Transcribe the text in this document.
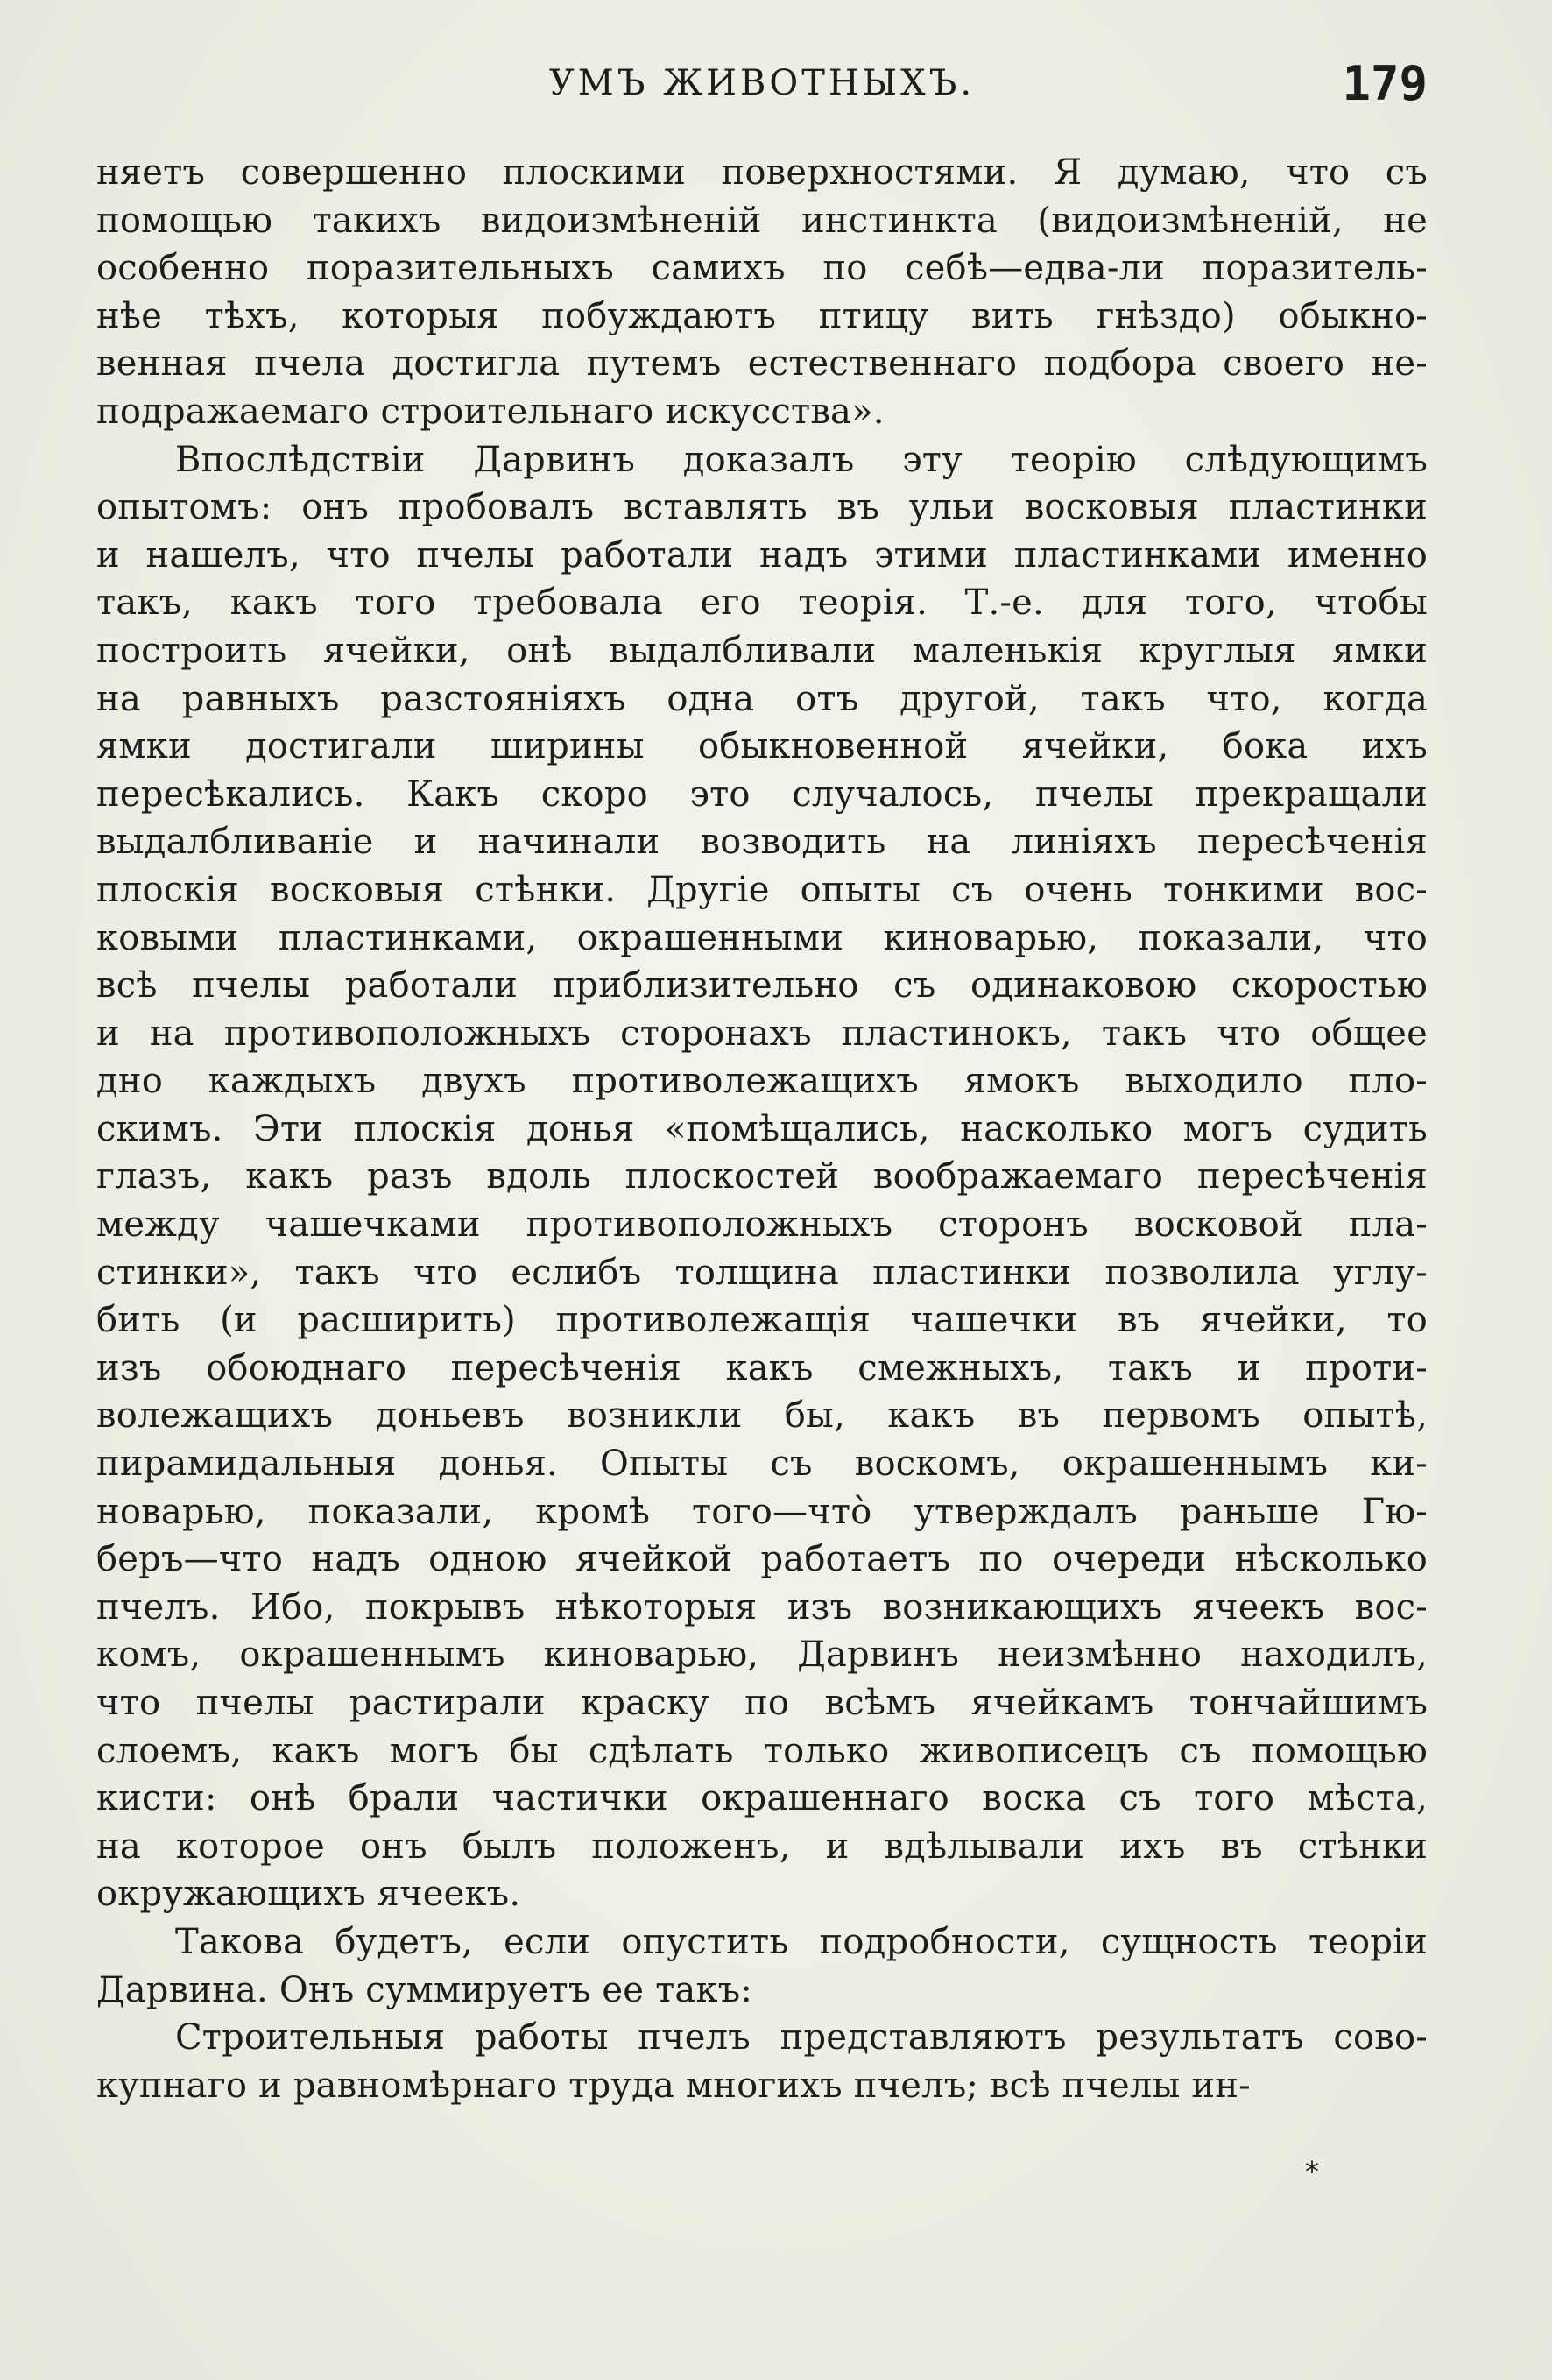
УМЪ ЖИВОТНЫХЪ.	179
няетъ совершенно плоскими поверхностями. Я думаю, что съ
помощью такихъ видоизмѣненій инстинкта (видоизмѣненій, не
особенно поразительныхъ самихъ по себѣ—едва-ли поразитель-
нѣе тѣхъ, которыя побуждаютъ птицу вить гнѣздо) обыкно-
венная пчела достигла путемъ естественнаго подбора своего не-
подражаемаго строительнаго искусства».
Впослѣдствіи Дарвинъ доказалъ эту теорію слѣдующимъ
опытомъ: онъ пробовалъ вставлять въ ульи восковыя пластинки
и нашелъ, что пчелы работали надъ этими пластинками именно
такъ, какъ того требовала его теорія. Т.-е. для того, чтобы
построить ячейки, онѣ выдалбливали маленькія круглыя ямки
на равныхъ разстояніяхъ одна отъ другой, такъ что, когда
ямки достигали ширины обыкновенной ячейки, бока ихъ
пересѣкались. Какъ скоро это случалось, пчелы прекращали
выдалбливаніе и начинали возводить на линіяхъ пересѣченія
плоскія восковыя стѣнки. Другіе опыты съ очень тонкими вос-
ковыми пластинками, окрашенными киноварью, показали, что
всѣ пчелы работали приблизительно съ одинаковою скоростью
и на противоположныхъ сторонахъ пластинокъ, такъ что общее
дно каждыхъ двухъ противолежащихъ ямокъ выходило пло-
скимъ. Эти плоскія донья «помѣщались, насколько могъ судить
глазъ, какъ разъ вдоль плоскостей воображаемаго пересѣченія
между чашечками противоположныхъ сторонъ восковой пла-
стинки», такъ что еслибъ толщина пластинки позволила углу-
бить (и расширить) противолежащія чашечки въ ячейки, то
изъ обоюднаго пересѣченія какъ смежныхъ, такъ и проти-
волежащихъ доньевъ возникли бы, какъ въ первомъ опытѣ,
пирамидальныя донья. Опыты съ воскомъ, окрашеннымъ ки-
новарью, показали, кромѣ того—что̀ утверждалъ раньше Гю-
беръ—что надъ одною ячейкой работаетъ по очереди нѣсколько
пчелъ. Ибо, покрывъ нѣкоторыя изъ возникающихъ ячеекъ вос-
комъ, окрашеннымъ киноварью, Дарвинъ неизмѣнно находилъ,
что пчелы растирали краску по всѣмъ ячейкамъ тончайшимъ
слоемъ, какъ могъ бы сдѣлать только живописецъ съ помощью
кисти: онѣ брали частички окрашеннаго воска съ того мѣста,
на которое онъ былъ положенъ, и вдѣлывали ихъ въ стѣнки
окружающихъ ячеекъ.
Такова будетъ, если опустить подробности, сущность теоріи
Дарвина. Онъ суммируетъ ее такъ:
Строительныя работы пчелъ представляютъ результатъ сово-
купнаго и равномѣрнаго труда многихъ пчелъ; всѣ пчелы ин-
*
